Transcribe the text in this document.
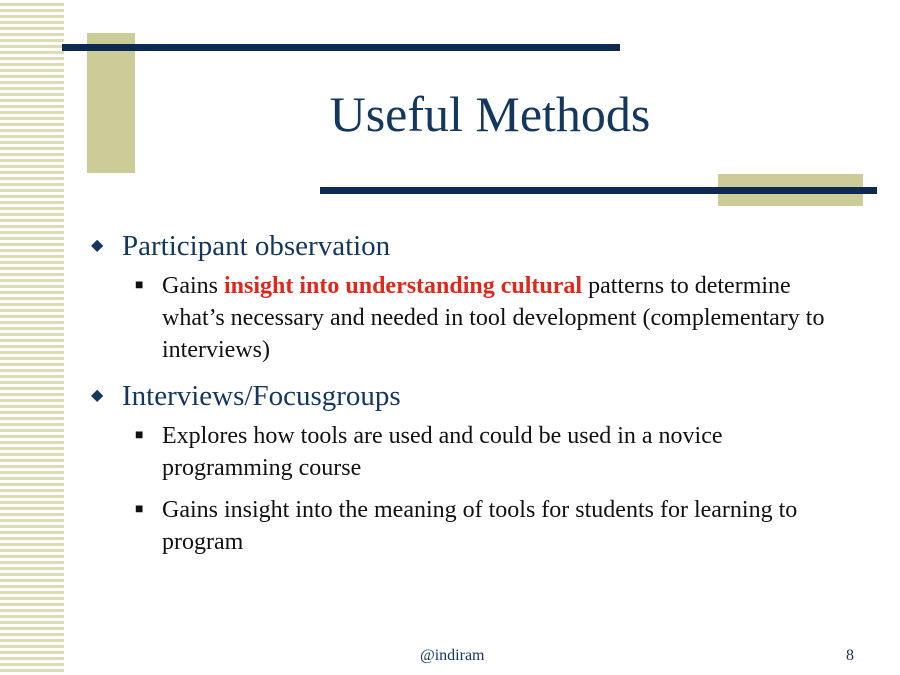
Useful Methods
◆ Participant observation
■ Gains insight into understanding cultural patterns to determine what’s necessary and needed in tool development (complementary to interviews)
◆ Interviews/Focusgroups
■ Explores how tools are used and could be used in a novice programming course
■ Gains insight into the meaning of tools for students for learning to program
@indiram	8
